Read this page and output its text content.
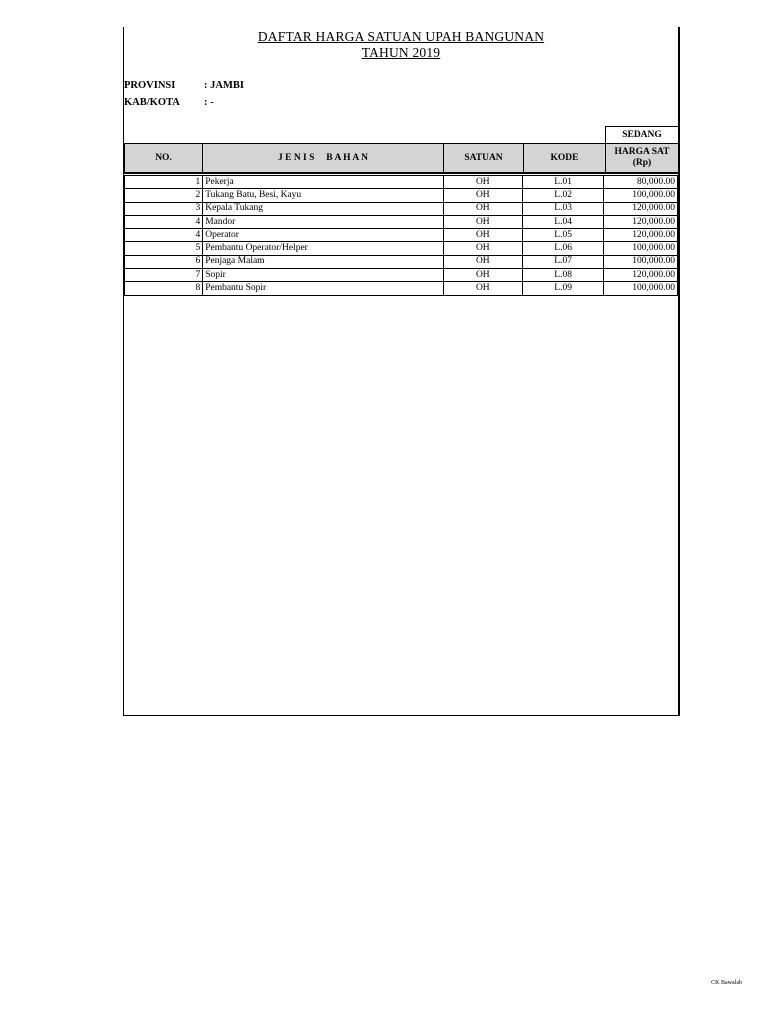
DAFTAR HARGA SATUAN UPAH BANGUNAN
TAHUN 2019
PROVINSI	: JAMBI
KAB/KOTA : -
SEDANG
NO.	J E N I S     B A H A N	SATUAN	KODE
HARGA SAT
(Rp)
1	Pekerja	OH	L.01	80,000.00
2	Tukang Batu, Besi, Kayu	OH	L.02	100,000.00
3	Kepala Tukang	OH	L.03	120,000.00
4	Mandor	OH	L.04	120,000.00
4	Operator	OH	L.05	120,000.00
5	Pembantu Operator/Helper	OH	L.06	100,000.00
6	Penjaga Malam	OH	L.07	100,000.00
7	Sopir	OH	L.08	120,000.00
8	Pembantu Sopir	OH	L.09	100,000.00
CK Bawalab
